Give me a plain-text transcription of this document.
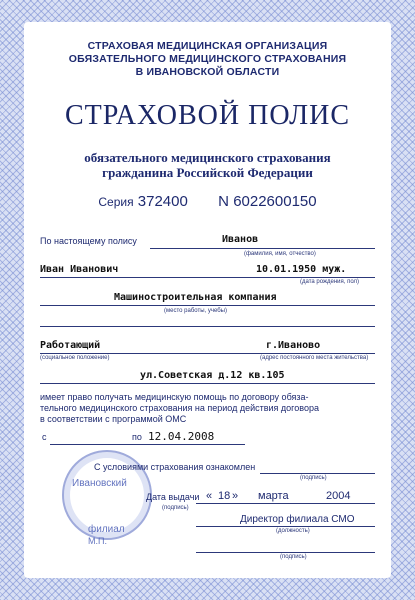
СТРАХОВАЯ МЕДИЦИНСКАЯ ОРГАНИЗАЦИЯ
ОБЯЗАТЕЛЬНОГО МЕДИЦИНСКОГО СТРАХОВАНИЯ
В ИВАНОВСКОЙ ОБЛАСТИ
СТРАХОВОЙ ПОЛИС
обязательного медицинского страхования
гражданина Российской Федерации
Серия 372400 N 6022600150
По настоящему полису	Иванов
(фамилия, имя, отчество)
Иван Иванович	10.01.1950 муж.
(дата рождения, пол)
Машиностроительная компания
(место работы, учебы)
Работающий	г.Иваново
(социальное положение)	(адрес постоянного места жительства)
ул.Советская д.12 кв.105
имеет право получать медицинскую помощь по договору обяза-
тельного медицинского страхования на период действия договора
в соответствии с программой ОМС
с	по 12.04.2008
Ивановский
филиал
М.П.
С условиями страхования ознакомлен
(подпись)
Дата выдачи « 18 » марта	2004
(подпись)
Директор филиала СМО
(должность)
(подпись)
